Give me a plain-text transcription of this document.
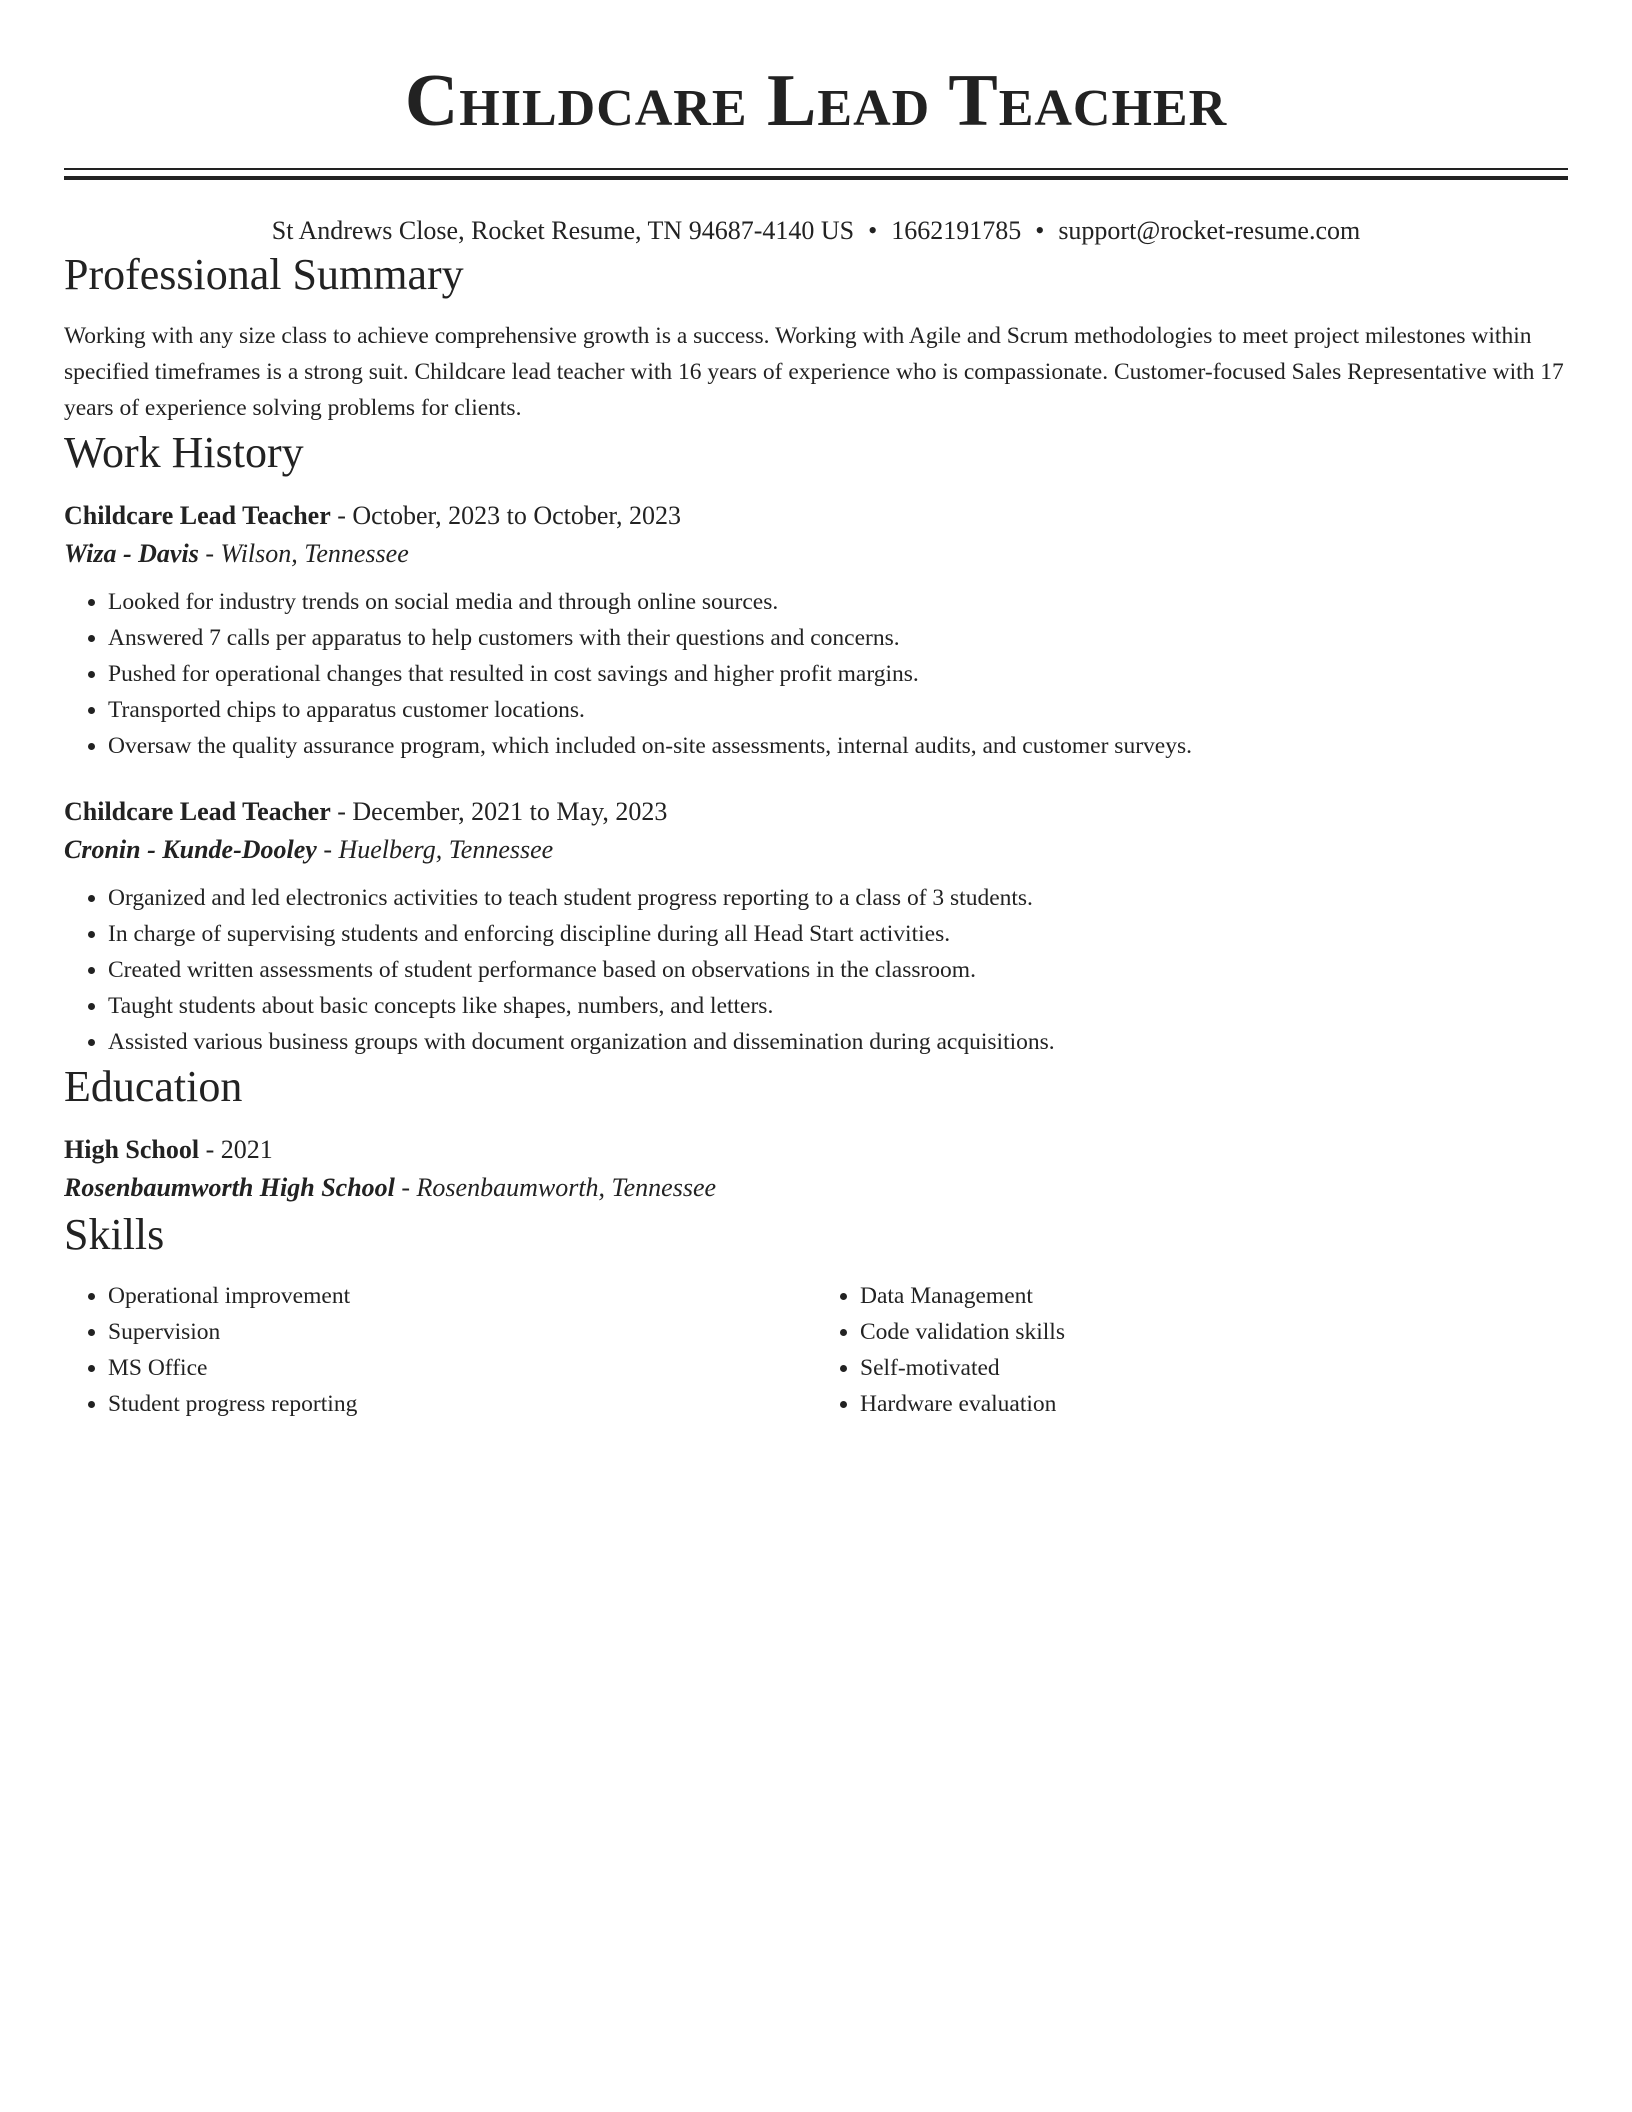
Childcare Lead Teacher
St Andrews Close, Rocket Resume, TN 94687-4140 US • 1662191785 • support@rocket-resume.com
Professional Summary

Working with any size class to achieve comprehensive growth is a success. Working with Agile and Scrum methodologies to meet project milestones within specified timeframes is a strong suit. Childcare lead teacher with 16 years of experience who is compassionate. Customer-focused Sales Representative with 17 years of experience solving problems for clients.

Work History
Childcare Lead Teacher - October, 2023 to October, 2023
Wiza - Davis - Wilson, Tennessee
• Looked for industry trends on social media and through online sources.
• Answered 7 calls per apparatus to help customers with their questions and concerns.
• Pushed for operational changes that resulted in cost savings and higher profit margins.
• Transported chips to apparatus customer locations.
• Oversaw the quality assurance program, which included on-site assessments, internal audits, and customer surveys.
Childcare Lead Teacher - December, 2021 to May, 2023
Cronin - Kunde-Dooley - Huelberg, Tennessee
• Organized and led electronics activities to teach student progress reporting to a class of 3 students.
• In charge of supervising students and enforcing discipline during all Head Start activities.
• Created written assessments of student performance based on observations in the classroom.
• Taught students about basic concepts like shapes, numbers, and letters.
• Assisted various business groups with document organization and dissemination during acquisitions.
Education
High School - 2021
Rosenbaumworth High School - Rosenbaumworth, Tennessee
Skills
• Operational improvement
• Supervision
• MS Office
• Student progress reporting
• Data Management
• Code validation skills
• Self-motivated
• Hardware evaluation
